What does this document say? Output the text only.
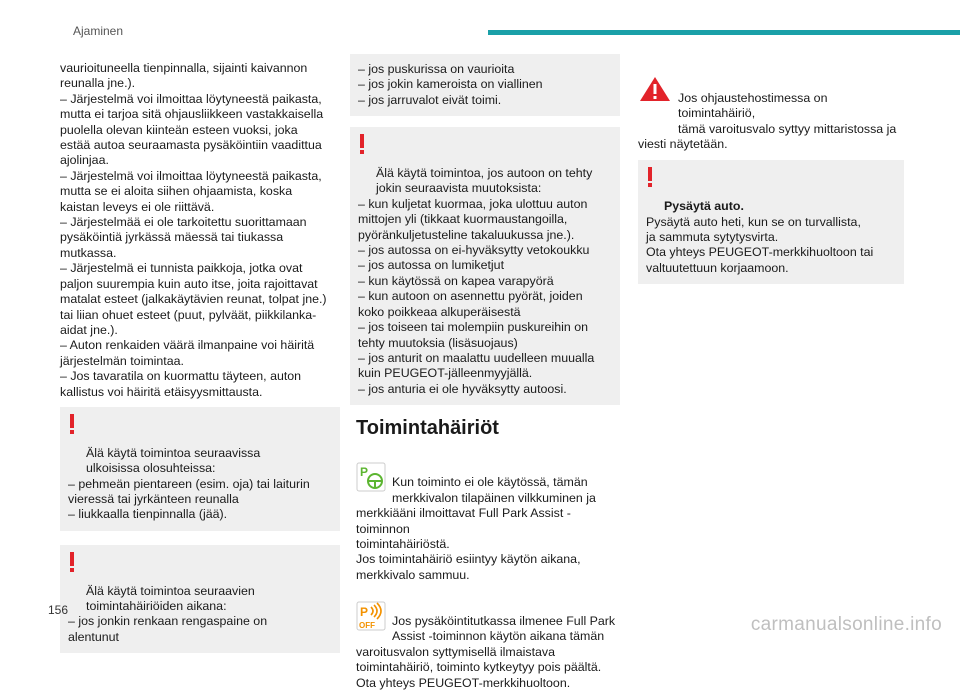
Ajaminen

vaurioituneella tienpinnalla, sijainti kaivannon
reunalla jne.).
– Järjestelmä voi ilmoittaa löytyneestä paikasta,
mutta ei tarjoa sitä ohjausliikkeen vastakkaisella
puolella olevan kiinteän esteen vuoksi, joka
estää autoa seuraamasta pysäköintiin vaadittua
ajolinjaa.
– Järjestelmä voi ilmoittaa löytyneestä paikasta,
mutta se ei aloita siihen ohjaamista, koska
kaistan leveys ei ole riittävä.
– Järjestelmää ei ole tarkoitettu suorittamaan
pysäköintiä jyrkässä mäessä tai tiukassa
mutkassa.
– Järjestelmä ei tunnista paikkoja, jotka ovat
paljon suurempia kuin auto itse, joita rajoittavat
matalat esteet (jalkakäytävien reunat, tolpat jne.)
tai liian ohuet esteet (puut, pylväät, piikkilanka-
aidat jne.).
– Auton renkaiden väärä ilmanpaine voi häiritä
järjestelmän toimintaa.
– Jos tavaratila on kuormattu täyteen, auton
kallistus voi häiritä etäisyysmittausta.

Älä käytä toimintoa seuraavissa
ulkoisissa olosuhteissa:

– pehmeän pientareen (esim. oja) tai laiturin
vieressä tai jyrkänteen reunalla
– liukkaalla tienpinnalla (jää).

Älä käytä toimintoa seuraavien
toimintahäiriöiden aikana:

– jos jonkin renkaan rengaspaine on
alentunut

– jos puskurissa on vaurioita
– jos jokin kameroista on viallinen
– jos jarruvalot eivät toimi.

Älä käytä toimintoa, jos autoon on tehty
jokin seuraavista muutoksista:

– kun kuljetat kuormaa, joka ulottuu auton
mittojen yli (tikkaat kuormaustangoilla,
pyöränkuljetusteline takaluukussa jne.).
– jos autossa on ei-hyväksytty vetokoukku
– jos autossa on lumiketjut
– kun käytössä on kapea varapyörä
– kun autoon on asennettu pyörät, joiden
koko poikkeaa alkuperäisestä
– jos toiseen tai molempiin puskureihin on
tehty muutoksia (lisäsuojaus)
– jos anturit on maalattu uudelleen muualla
kuin PEUGEOT-jälleenmyyjällä.
– jos anturia ei ole hyväksytty autoosi.

Toimintahäiriöt

P

Kun toiminto ei ole käytössä, tämän
merkkivalon tilapäinen vilkkuminen ja

merkkiääni ilmoittavat Full Park Assist -toiminnon
toimintahäiriöstä.
Jos toimintahäiriö esiintyy käytön aikana,
merkkivalo sammuu.

P
OFF Jos pysäköintitutkassa ilmenee Full Park
Assist -toiminnon käytön aikana tämän

varoitusvalon syttymisellä ilmaistava
toimintahäiriö, toiminto kytkeytyy pois päältä.
Ota yhteys PEUGEOT-merkkihuoltoon.

Jos ohjaustehostimessa on toimintahäiriö,
tämä varoitusvalo syttyy mittaristossa ja

viesti näytetään.

Pysäytä auto.

Pysäytä auto heti, kun se on turvallista,
ja sammuta sytytysvirta.
Ota yhteys PEUGEOT-merkkihuoltoon tai
valtuutettuun korjaamoon.

156
carmanualsonline.info
